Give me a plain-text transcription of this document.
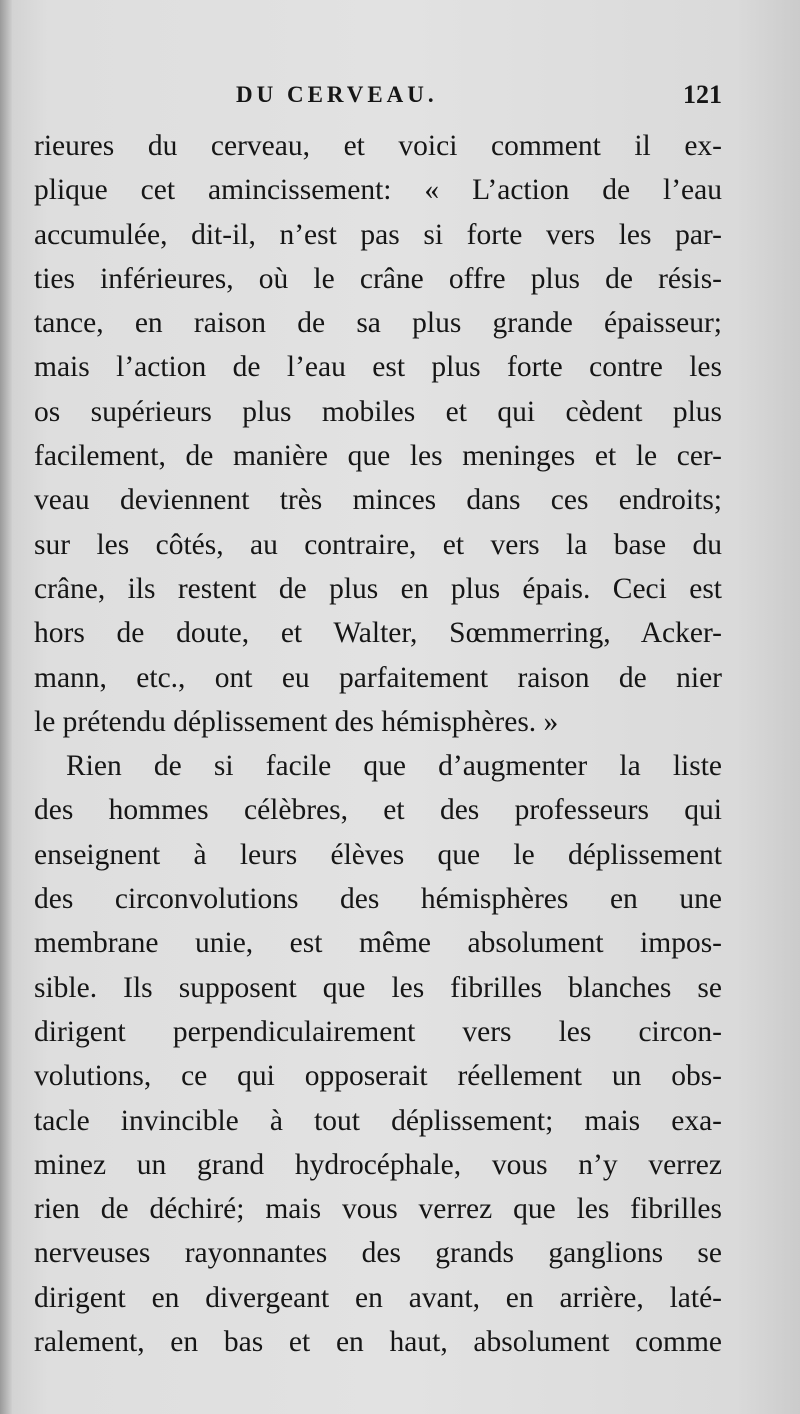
DU CERVEAU.	121
rieures du cerveau, et voici comment il ex-
plique cet amincissement: « L’action de l’eau
accumulée, dit-il, n’est pas si forte vers les par-
ties inférieures, où le crâne offre plus de résis-
tance, en raison de sa plus grande épaisseur;
mais l’action de l’eau est plus forte contre les
os supérieurs plus mobiles et qui cèdent plus
facilement, de manière que les meninges et le cer-
veau deviennent très minces dans ces endroits;
sur les côtés, au contraire, et vers la base du
crâne, ils restent de plus en plus épais. Ceci est
hors de doute, et Walter, Sœmmerring, Acker-
mann, etc., ont eu parfaitement raison de nier
le prétendu déplissement des hémisphères. »
Rien de si facile que d’augmenter la liste
des hommes célèbres, et des professeurs qui
enseignent à leurs élèves que le déplissement
des circonvolutions des hémisphères en une
membrane unie, est même absolument impos-
sible. Ils supposent que les fibrilles blanches se
dirigent perpendiculairement vers les circon-
volutions, ce qui opposerait réellement un obs-
tacle invincible à tout déplissement; mais exa-
minez un grand hydrocéphale, vous n’y verrez
rien de déchiré; mais vous verrez que les fibrilles
nerveuses rayonnantes des grands ganglions se
dirigent en divergeant en avant, en arrière, laté-
ralement, en bas et en haut, absolument comme
